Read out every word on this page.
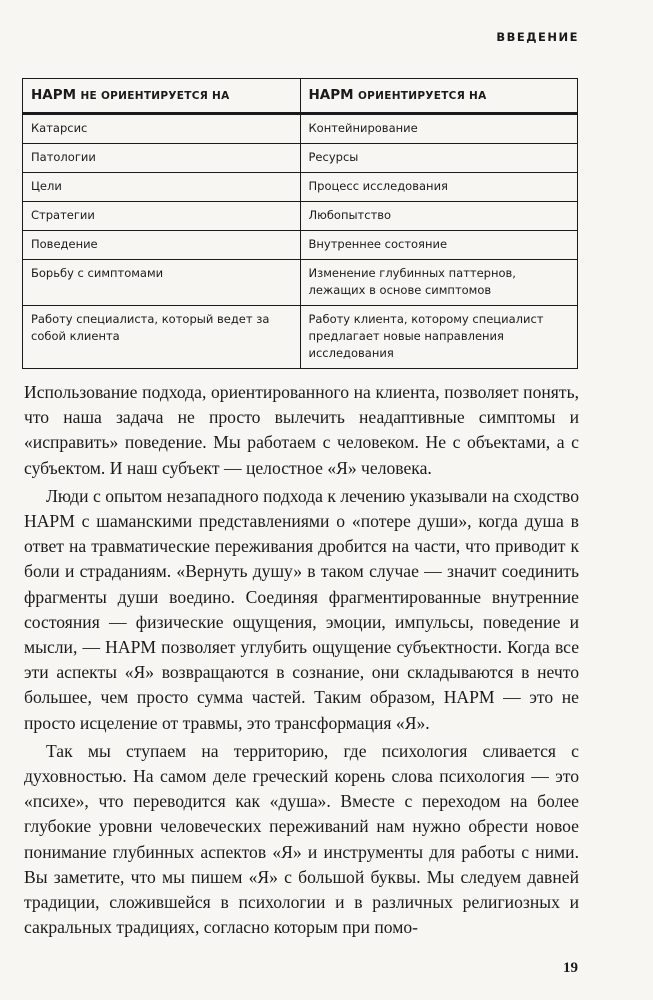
ВВЕДЕНИЕ
НАРМ НЕ ОРИЕНТИРУЕТСЯ НА	НАРМ ОРИЕНТИРУЕТСЯ НА
Катарсис	Контейнирование
Патологии	Ресурсы
Цели	Процесс исследования
Стратегии	Любопытство
Поведение	Внутреннее состояние
Борьбу с симптомами	Изменение глубинных паттернов, лежащих в основе симптомов
Работу специалиста, который ведет за собой клиента	Работу клиента, которому специалист предлагает новые направления исследования

Использование подхода, ориентированного на клиента, позволяет понять, что наша задача не просто вылечить неадаптивные симптомы и «исправить» поведение. Мы работаем с человеком. Не с объектами, а с субъектом. И наш субъект — целостное «Я» человека.

Люди с опытом незападного подхода к лечению указывали на сходство НАРМ с шаманскими представлениями о «потере души», когда душа в ответ на травматические переживания дробится на части, что приводит к боли и страданиям. «Вернуть душу» в таком случае — значит соединить фрагменты души воедино. Соединяя фрагментированные внутренние состояния — физические ощущения, эмоции, импульсы, поведение и мысли, — НАРМ позволяет углубить ощущение субъектности. Когда все эти аспекты «Я» возвращаются в сознание, они складываются в нечто большее, чем просто сумма частей. Таким образом, НАРМ — это не просто исцеление от травмы, это трансформация «Я».

Так мы ступаем на территорию, где психология сливается с духовностью. На самом деле греческий корень слова психология — это «психе», что переводится как «душа». Вместе с переходом на более глубокие уровни человеческих переживаний нам нужно обрести новое понимание глубинных аспектов «Я» и инструменты для работы с ними. Вы заметите, что мы пишем «Я» с большой буквы. Мы следуем давней традиции, сложившейся в психологии и в различных религиозных и сакральных традициях, согласно которым при помо-

19
